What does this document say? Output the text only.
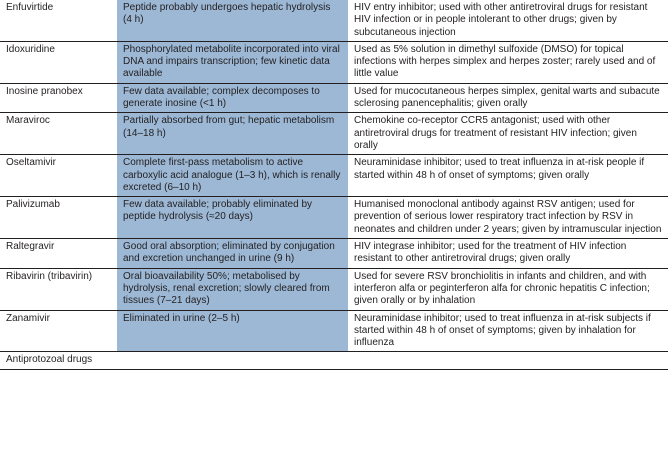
Enfuvirtide	Peptide probably undergoes hepatic hydrolysis (4 h)	HIV entry inhibitor; used with other antiretroviral drugs for resistant HIV infection or in people intolerant to other drugs; given by subcutaneous injection
Idoxuridine	Phosphorylated metabolite incorporated into viral DNA and impairs transcription; few kinetic data available	Used as 5% solution in dimethyl sulfoxide (DMSO) for topical infections with herpes simplex and herpes zoster; rarely used and of little value
Inosine pranobex	Few data available; complex decomposes to generate inosine (<1 h)	Used for mucocutaneous herpes simplex, genital warts and subacute sclerosing panencephalitis; given orally
Maraviroc	Partially absorbed from gut; hepatic metabolism (14–18 h)	Chemokine co-receptor CCR5 antagonist; used with other antiretroviral drugs for treatment of resistant HIV infection; given orally
Oseltamivir	Complete first-pass metabolism to active carboxylic acid analogue (1–3 h), which is renally excreted (6–10 h)	Neuraminidase inhibitor; used to treat influenza in at-risk people if started within 48 h of onset of symptoms; given orally
Palivizumab	Few data available; probably eliminated by peptide hydrolysis (≈20 days)	Humanised monoclonal antibody against RSV antigen; used for prevention of serious lower respiratory tract infection by RSV in neonates and children under 2 years; given by intramuscular injection
Raltegravir	Good oral absorption; eliminated by conjugation and excretion unchanged in urine (9 h)	HIV integrase inhibitor; used for the treatment of HIV infection resistant to other antiretroviral drugs; given orally
Ribavirin (tribavirin)	Oral bioavailability 50%; metabolised by hydrolysis, renal excretion; slowly cleared from tissues (7–21 days)	Used for severe RSV bronchiolitis in infants and children, and with interferon alfa or peginterferon alfa for chronic hepatitis C infection; given orally or by inhalation
Zanamivir	Eliminated in urine (2–5 h)	Neuraminidase inhibitor; used to treat influenza in at-risk subjects if started within 48 h of onset of symptoms; given by inhalation for influenza
Antiprotozoal drugs		
